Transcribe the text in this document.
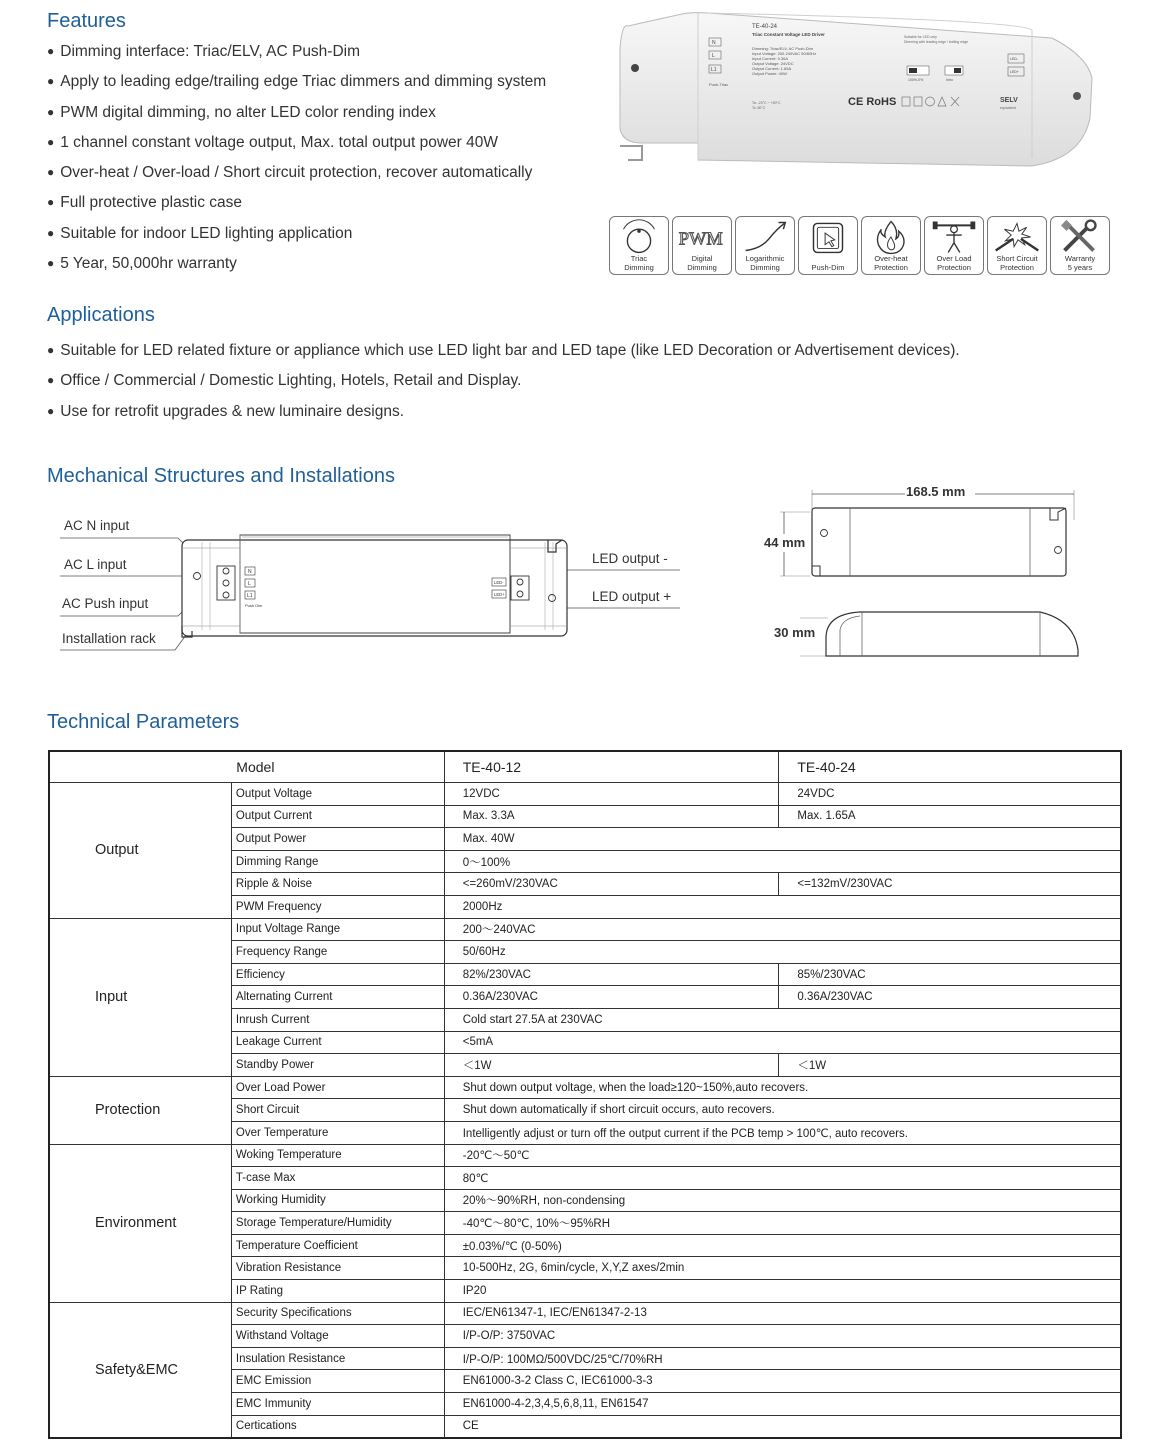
Features
● Dimming interface: Triac/ELV, AC Push-Dim
● Apply to leading edge/trailing edge Triac dimmers and dimming system
● PWM digital dimming, no alter LED color rending index
● 1 channel constant voltage output, Max. total output power 40W
● Over-heat / Over-load / Short circuit protection, recover automatically
● Full protective plastic case
● Suitable for indoor LED lighting application
● 5 Year, 50,000hr warranty
TE-40-24
Triac Constant Voltage LED Driver
Dimming: Triac/ELV, AC Push-Dim
Input Voltage: 200-240VAC 50/60Hz
Input Current: 0.36A
Output Voltage: 24VDC
Output Current: 1.65A
Output Power: 40W
Suitable for LED only
Dimming with leading edge / trailing edge
N
L
L1
Push-Triac
100%-0%	Intro
Ta: -20°C ~ +50°C
Tc: 80°C	CE RoHS	SELV
equivalent
LED-
LED+
Triac
Dimming
PWM
Digital
Dimming
Logarithmic
Dimming	Push-Dim
Over-heat
Protection
Over Load
Protection
Short Circuit
Protection
Warranty
5 years
Applications
● Suitable for LED related fixture or appliance which use LED light bar and LED tape (like LED Decoration or Advertisement devices).
● Office / Commercial / Domestic Lighting, Hotels, Retail and Display.
● Use for retrofit upgrades & new luminaire designs.
Mechanical Structures and Installations
AC N input
AC L input
AC Push input
Installation rack
LED output -
LED output +
N
L
L1
Push Dim
LED-
LED+
168.5 mm
44 mm
30 mm
Technical Parameters
Model		TE-40-12	TE-40-24
Output	Output Voltage	12VDC	24VDC
	Output Current	Max. 3.3A	Max. 1.65A
	Output Power	Max. 40W	
	Dimming Range	0～100%	
	Ripple & Noise	<=260mV/230VAC	<=132mV/230VAC
	PWM Frequency	2000Hz	
Input	Input Voltage Range	200～240VAC	
	Frequency Range	50/60Hz	
	Efficiency	82%/230VAC	85%/230VAC
	Alternating Current	0.36A/230VAC	0.36A/230VAC
	Inrush Current	Cold start 27.5A at 230VAC	
	Leakage Current	<5mA	
	Standby Power	＜1W	＜1W
Protection	Over Load Power	Shut down output voltage, when the load≥120~150%,auto recovers.	
	Short Circuit	Shut down automatically if short circuit occurs, auto recovers.	
	Over Temperature	Intelligently adjust or turn off the output current if the PCB temp > 100℃, auto recovers.	
Environment	Woking Temperature	-20℃～50℃	
	T-case Max	80℃	
	Working Humidity	20%～90%RH, non-condensing	
	Storage Temperature/Humidity	-40℃～80℃, 10%～95%RH	
	Temperature Coefficient	±0.03%/℃ (0-50%)	
	Vibration Resistance	10-500Hz, 2G, 6min/cycle, X,Y,Z axes/2min	
	IP Rating	IP20	
Safety&EMC	Security Specifications	IEC/EN61347-1, IEC/EN61347-2-13	
	Withstand Voltage	I/P-O/P: 3750VAC	
	Insulation Resistance	I/P-O/P: 100MΩ/500VDC/25℃/70%RH	
	EMC Emission	EN61000-3-2 Class C, IEC61000-3-3	
	EMC Immunity	EN61000-4-2,3,4,5,6,8,11, EN61547	
	Certications	CE	
